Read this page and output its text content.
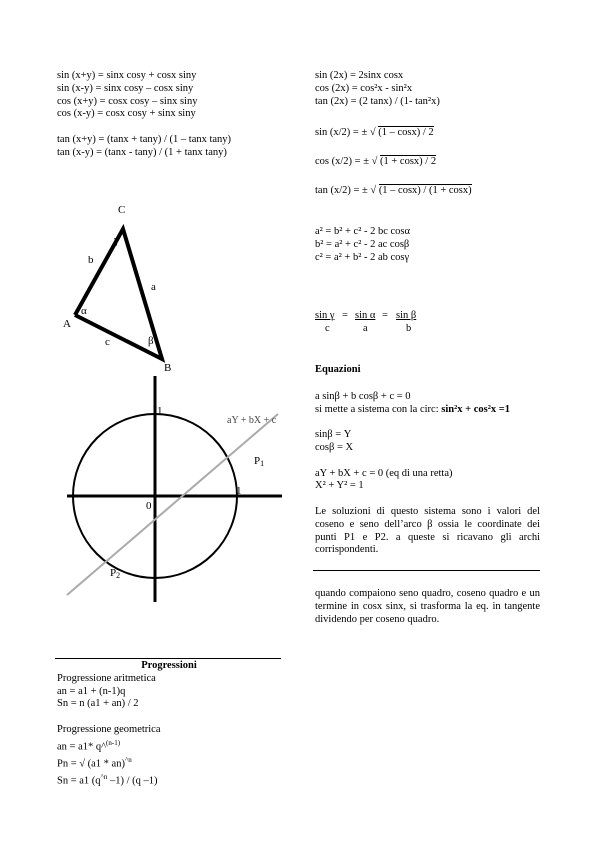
sin (x+y) = sinx cosy + cosx siny
sin (x-y) = sinx cosy – cosx siny
cos (x+y) = cosx cosy – sinx siny
cos (x-y) = cosx cosy + sinx siny
tan (x+y) = (tanx + tany) / (1 – tanx tany)
tan (x-y) = (tanx - tany) / (1 + tanx tany)
sin (2x) = 2sinx cosx
cos (2x) = cos²x - sin²x
tan (2x) = (2 tanx) / (1- tan²x)
sin (x/2) = ± √ (1 – cosx) / 2
cos (x/2) = ± √ (1 + cosx) / 2
tan (x/2) = ± √ (1 – cosx) / (1 + cosx)
C
γ
b
a
α
A
c	β
B
a² = b² + c² - 2 bc cosα
b² = a² + c² - 2 ac cosβ
c² = a² + b² - 2 ab cosγ
sin γ = sin α = sin β
c	a	b
1
1
0
P1
P2
aY + bX + c
Equazioni
a sinβ + b cosβ + c = 0
si mette a sistema con la circ: sin²x + cos²x =1
sinβ = Y
cosβ = X
aY + bX + c = 0 (eq di una retta)
X² + Y² = 1
Le soluzioni di questo sistema sono i valori del coseno e seno dell’arco β ossia le coordinate dei punti P1 e P2. a queste si ricavano gli archi corrispondenti.
quando compaiono seno quadro, coseno quadro e un termine in cosx sinx, si trasforma la eq. in tangente dividendo per coseno quadro.
Progressioni
Progressione aritmetica
an = a1 + (n-1)q
Sn = n (a1 + an) / 2
Progressione geometrica
an = a1* q^$^{(n-1)}$
Pn = √ (a1 * an)$^{\^{}n}$
Sn = a1 ($q^{\^{}n}$ –1) / (q –1)
